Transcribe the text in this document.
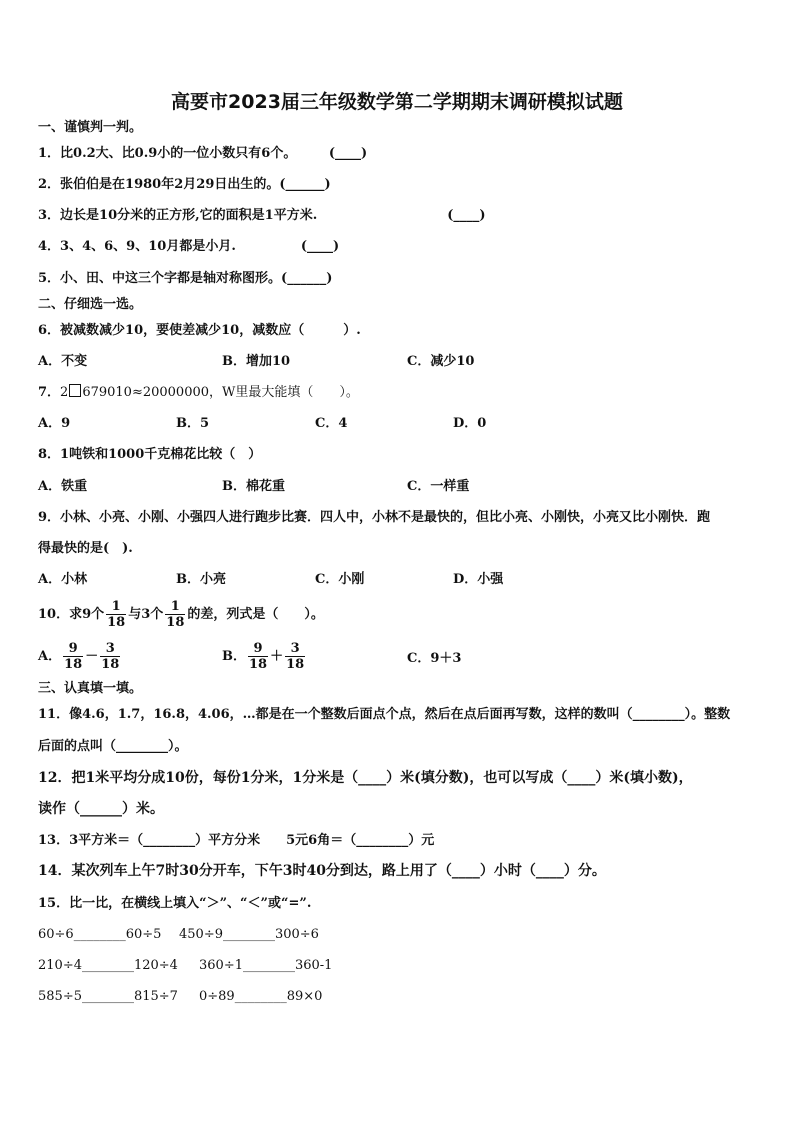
高要市2023届三年级数学第二学期期末调研模拟试题
一、谨慎判一判。
1．比0.2大、比0.9小的一位小数只有6个。　　　(____)
2．张伯伯是在1980年2月29日出生的。(______)
3．边长是10分米的正方形,它的面积是1平方米.　　　　　　　　　　(____)
4．3、4、6、9、10月都是小月.　　　　　(____)
5．小、田、中这三个字都是轴对称图形。(______)
二、仔细选一选。
6．被减数减少10，要使差减少10，减数应（　　　）.
A．不变	B．增加10	C．减少10
7．2 679010≈20000000，W里最大能填（　　）。
A．9	B．5	C．4	D．0
8．1吨铁和1000千克棉花比较（　）
A．铁重	B．棉花重	C．一样重
9．小林、小亮、小刚、小强四人进行跑步比赛．四人中，小林不是最快的，但比小亮、小刚快，小亮又比小刚快．跑
得最快的是(　).
A．小林	B．小亮	C．小刚	D．小强
10．求9个 $\frac{1}{18}$ 与3个 $\frac{1}{18}$ 的差，列式是（　　）。
A． $\frac{9}{18} - \frac{3}{18}$	B． $\frac{9}{18} + \frac{3}{18}$	C．9＋3
三、认真填一填。
11．像4.6，1.7，16.8，4.06，…都是在一个整数后面点个点，然后在点后面再写数，这样的数叫（________）。整数
后面的点叫（________）。
12．把1米平均分成10份，每份1分米，1分米是（____）米(填分数)，也可以写成（____）米(填小数)，
读作（______）米。
13．3平方米＝（________）平方分米　　5元6角＝（________）元
14．某次列车上午7时30分开车，下午3时40分到达，路上用了（____）小时（____）分。
15．比一比，在横线上填入“＞”、“＜”或“=”.
60÷6________60÷5 450÷9________300÷6
210÷4________120÷4 360÷1________360-1
585÷5________815÷7 0÷89________89×0
